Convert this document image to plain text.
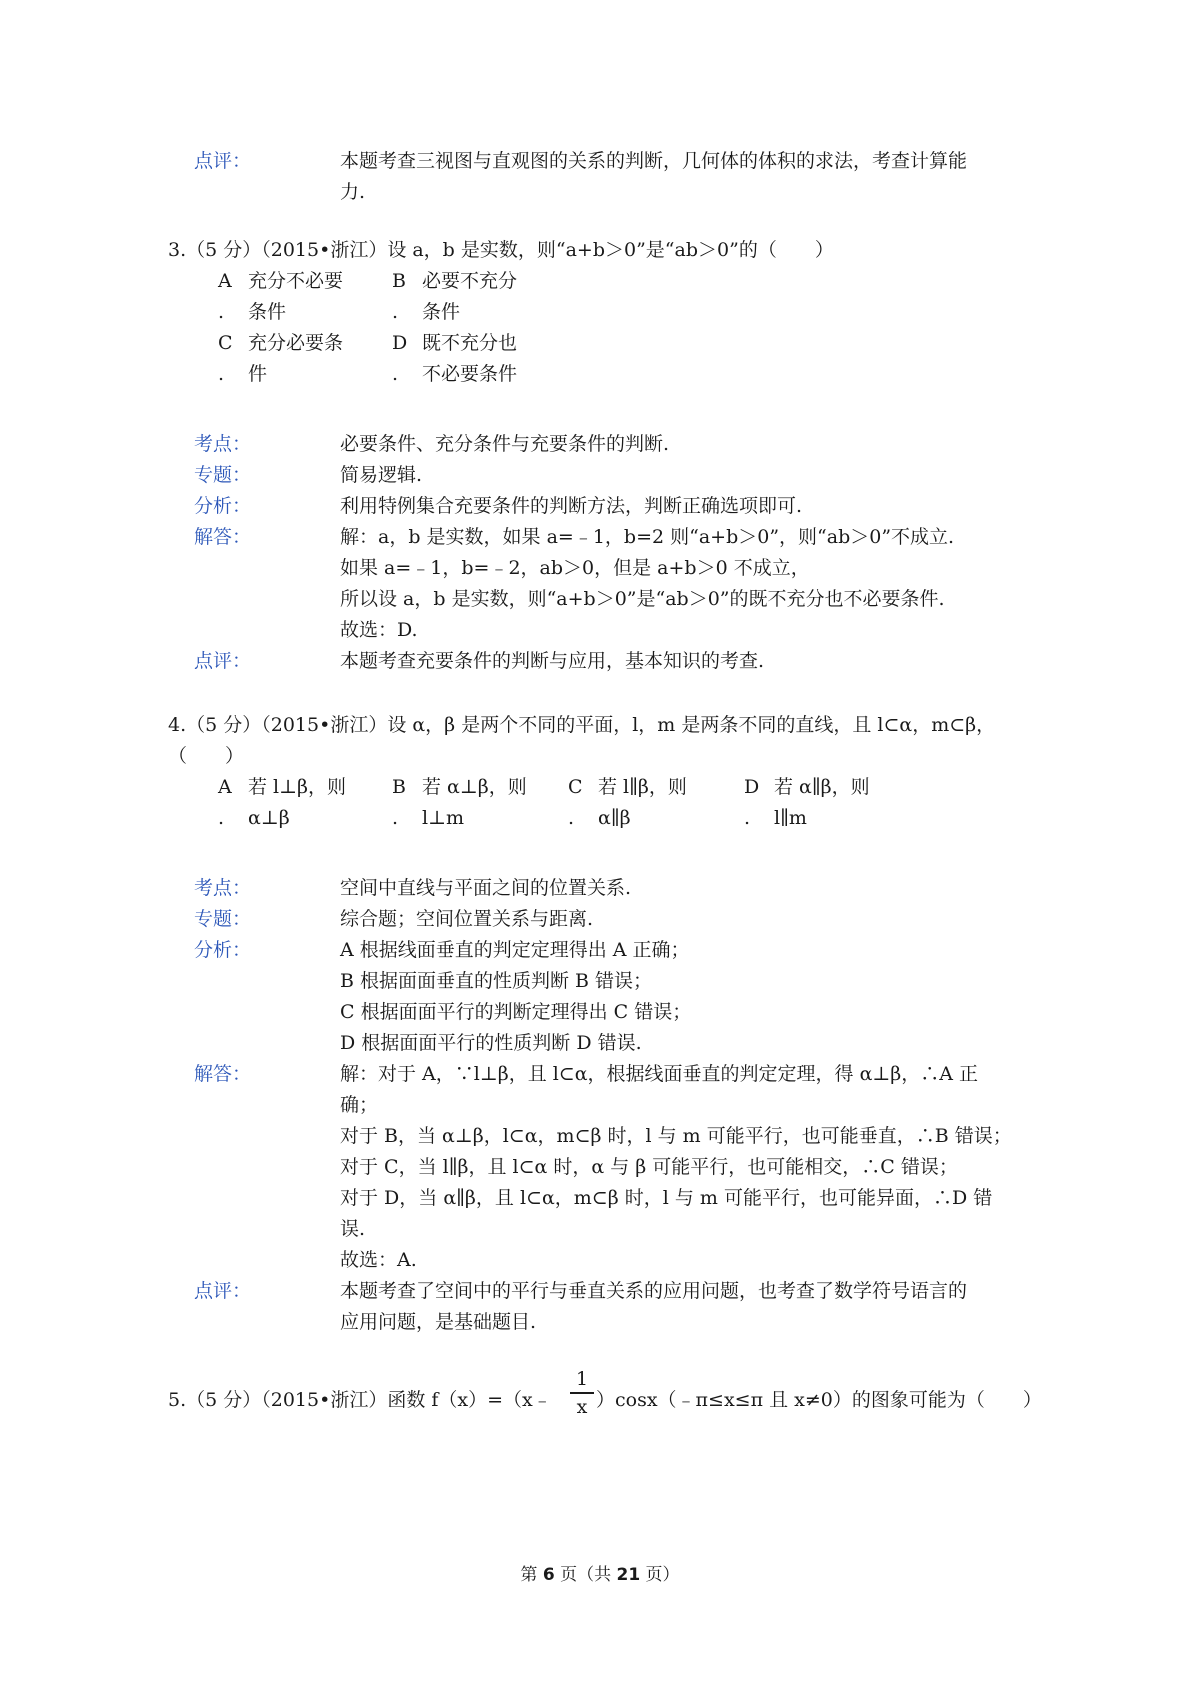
点评：	本题考查三视图与直观图的关系的判断，几何体的体积的求法，考查计算能
力.
3.（5 分）（2015•浙江）设 a，b 是实数，则“a+b＞0”是“ab＞0”的（　　）
A 充分不必要
. 条件
B 必要不充分
. 条件
C 充分必要条
. 件
D 既不充分也
. 不必要条件
考点：	必要条件、充分条件与充要条件的判断.
专题：	简易逻辑.
分析：	利用特例集合充要条件的判断方法，判断正确选项即可.
解答：	解：a，b 是实数，如果 a=﹣1，b=2 则“a+b＞0”，则“ab＞0”不成立.
如果 a=﹣1，b=﹣2，ab＞0，但是 a+b＞0 不成立，
所以设 a，b 是实数，则“a+b＞0”是“ab＞0”的既不充分也不必要条件.
故选：D.
点评：	本题考查充要条件的判断与应用，基本知识的考查.
4.（5 分）（2015•浙江）设 α，β 是两个不同的平面，l，m 是两条不同的直线，且 l⊂α，m⊂β，
（　　）
A 若 l⊥β，则
. α⊥β
B 若 α⊥β，则
. l⊥m
C 若 l∥β，则
. α∥β
D 若 α∥β，则
. l∥m
考点：	空间中直线与平面之间的位置关系.
专题：	综合题；空间位置关系与距离.
分析：	A 根据线面垂直的判定定理得出 A 正确；
B 根据面面垂直的性质判断 B 错误；
C 根据面面平行的判断定理得出 C 错误；
D 根据面面平行的性质判断 D 错误.
解答：	解：对于 A，∵l⊥β，且 l⊂α，根据线面垂直的判定定理，得 α⊥β，∴A 正
确；
对于 B，当 α⊥β，l⊂α，m⊂β 时，l 与 m 可能平行，也可能垂直，∴B 错误；
对于 C，当 l∥β，且 l⊂α 时，α 与 β 可能平行，也可能相交，∴C 错误；
对于 D，当 α∥β，且 l⊂α，m⊂β 时，l 与 m 可能平行，也可能异面，∴D 错
误.
故选：A.
点评：	本题考查了空间中的平行与垂直关系的应用问题，也考查了数学符号语言的
应用问题，是基础题目.
5.（5 分）（2015•浙江）函数 f（x）=（x﹣
1
x ）cosx（﹣π≤x≤π 且 x≠0）的图象可能为（　　）
第 6 页（共 21 页）
